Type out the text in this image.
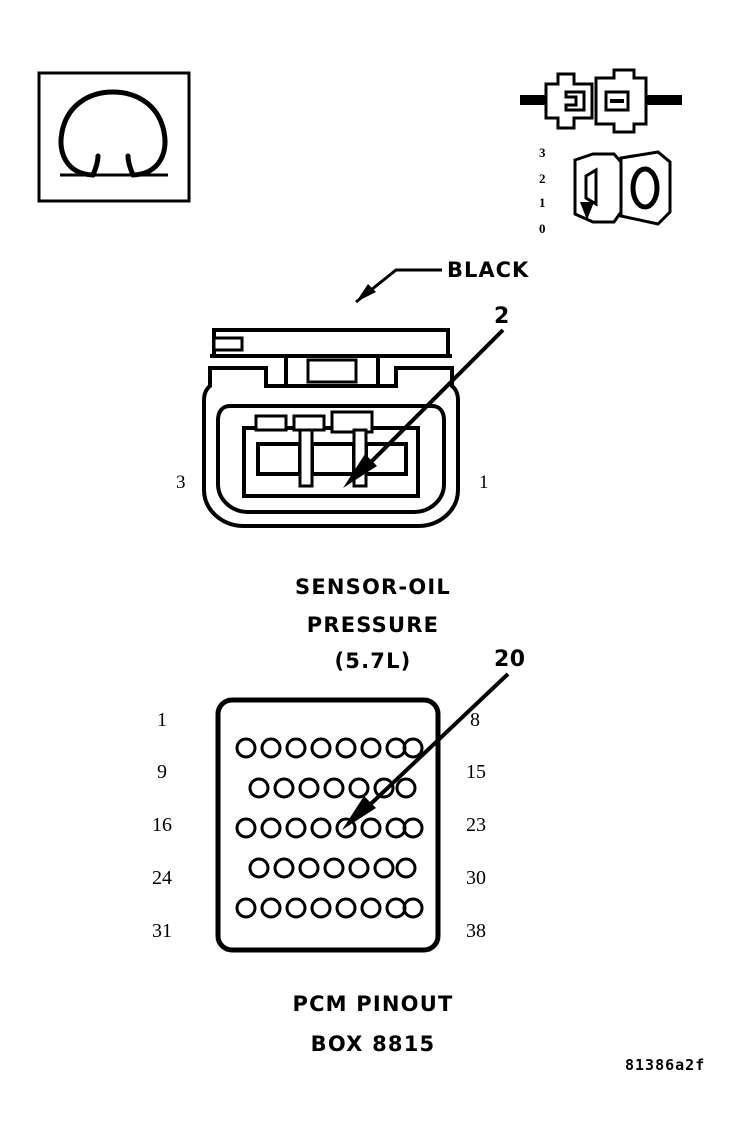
3
2
1
0
BLACK
2
3	1
SENSOR-OIL
PRESSURE
(5.7L)	20
1
9
16
24
31
8
15
23
30
38
PCM PINOUT
BOX 8815
81386a2f
